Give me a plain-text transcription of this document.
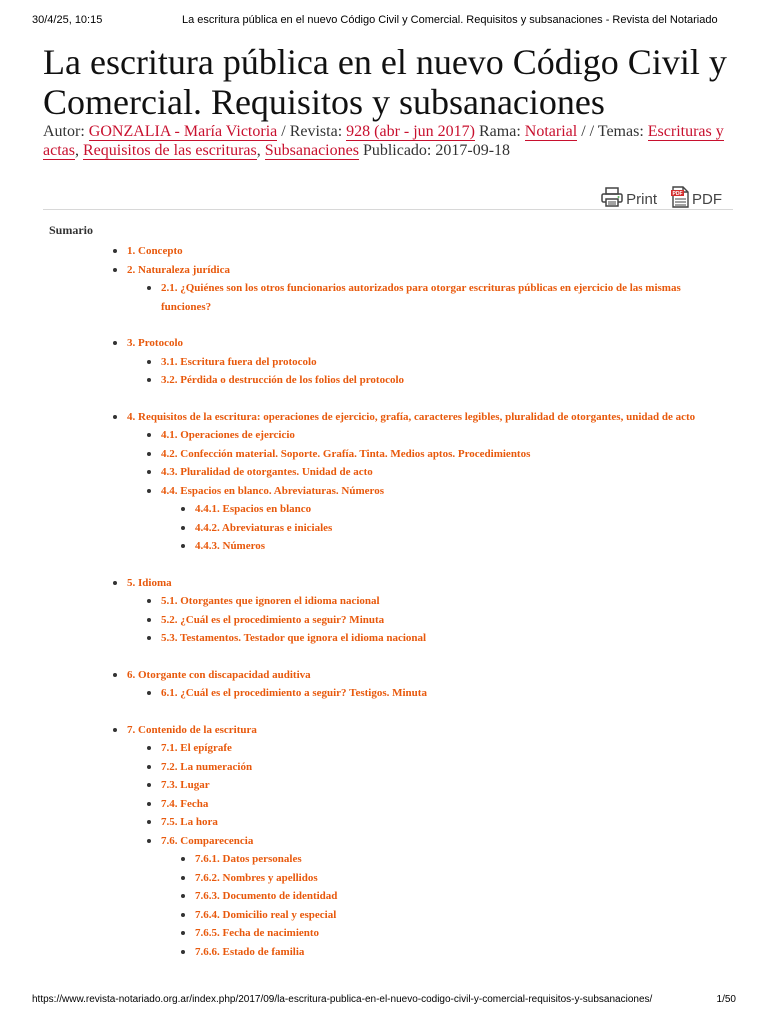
30/4/25, 10:15	La escritura pública en el nuevo Código Civil y Comercial. Requisitos y subsanaciones - Revista del Notariado
La escritura pública en el nuevo Código Civil y Comercial. Requisitos y subsanaciones
Autor: GONZALIA - María Victoria / Revista: 928 (abr - jun 2017) Rama: Notarial / / Temas: Escrituras y actas, Requisitos de las escrituras, Subsanaciones Publicado: 2017-09-18
Print	PDF PDF
Sumario
1. Concepto
2. Naturaleza jurídica
2.1. ¿Quiénes son los otros funcionarios autorizados para otorgar escrituras públicas en ejercicio de las mismas funciones?
3. Protocolo
3.1. Escritura fuera del protocolo
3.2. Pérdida o destrucción de los folios del protocolo
4. Requisitos de la escritura: operaciones de ejercicio, grafía, caracteres legibles, pluralidad de otorgantes, unidad de acto
4.1. Operaciones de ejercicio
4.2. Confección material. Soporte. Grafía. Tinta. Medios aptos. Procedimientos
4.3. Pluralidad de otorgantes. Unidad de acto
4.4. Espacios en blanco. Abreviaturas. Números
4.4.1. Espacios en blanco
4.4.2. Abreviaturas e iniciales
4.4.3. Números
5. Idioma
5.1. Otorgantes que ignoren el idioma nacional
5.2. ¿Cuál es el procedimiento a seguir? Minuta
5.3. Testamentos. Testador que ignora el idioma nacional
6. Otorgante con discapacidad auditiva
6.1. ¿Cuál es el procedimiento a seguir? Testigos. Minuta
7. Contenido de la escritura
7.1. El epígrafe
7.2. La numeración
7.3. Lugar
7.4. Fecha
7.5. La hora
7.6. Comparecencia
7.6.1. Datos personales
7.6.2. Nombres y apellidos
7.6.3. Documento de identidad
7.6.4. Domicilio real y especial
7.6.5. Fecha de nacimiento
7.6.6. Estado de familia
https://www.revista-notariado.org.ar/index.php/2017/09/la-escritura-publica-en-el-nuevo-codigo-civil-y-comercial-requisitos-y-subsanaciones/	1/50
